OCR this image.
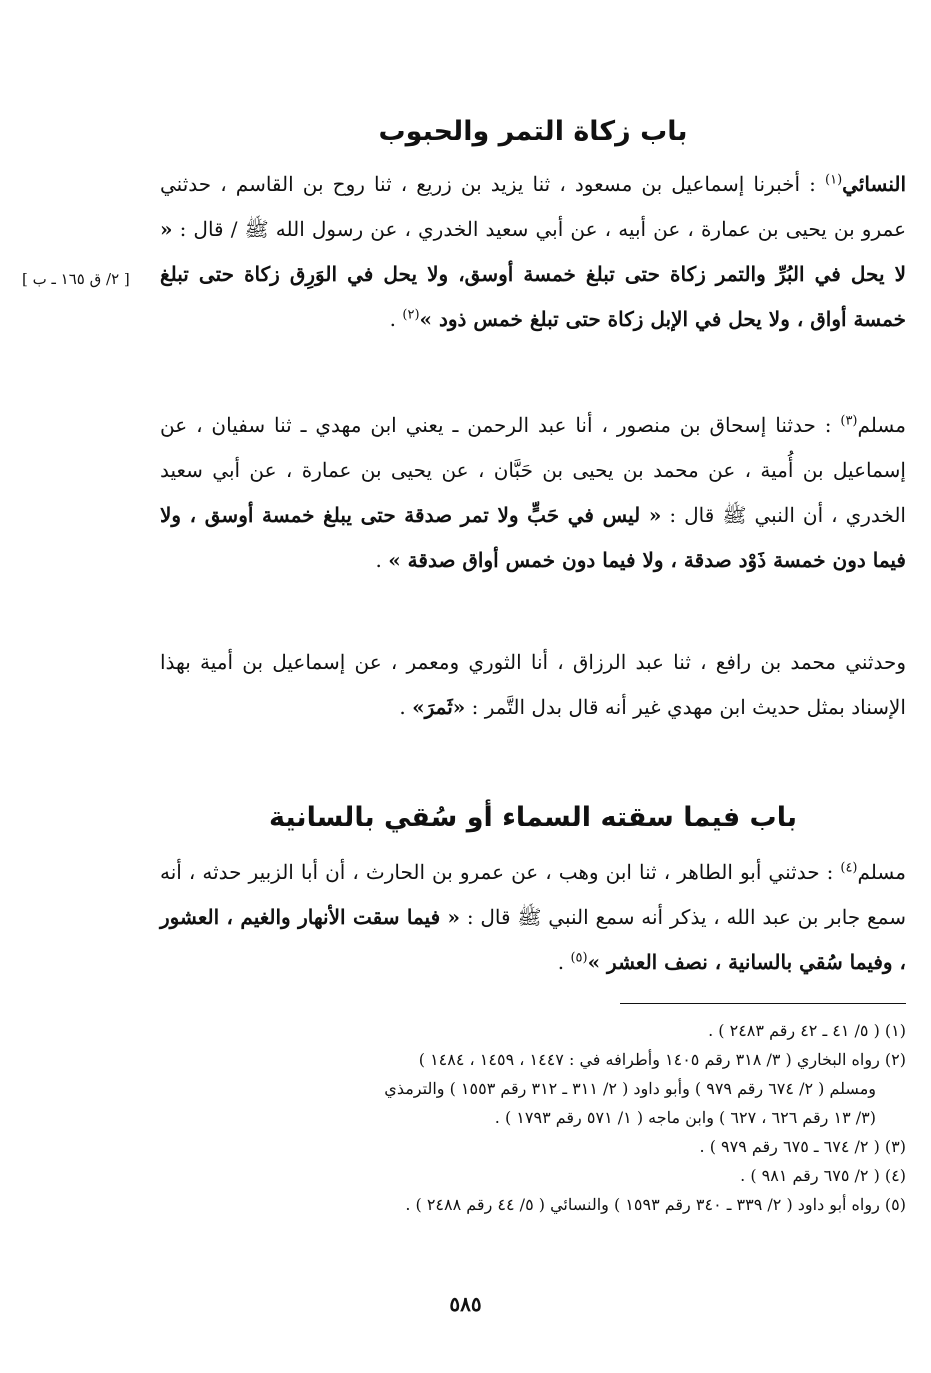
باب زكاة التمر والحبوب

النسائي$^{(١)}$ : أخبرنا إسماعيل بن مسعود ، ثنا يزيد بن زريع ، ثنا روح بن القاسم ، حدثني عمرو بن يحيى بن عمارة ، عن أبيه ، عن أبي سعيد الخدري ، عن رسول الله ﷺ / قال : « لا يحل في البُرِّ والتمر زكاة حتى تبلغ خمسة أوسق، ولا يحل في الوَرِق زكاة حتى تبلغ خمسة أواق ، ولا يحل في الإبل زكاة حتى تبلغ خمس ذود »$^{(٢)}$ .

[ ٢/ ق ١٦٥ ـ ب ]

مسلم$^{(٣)}$ : حدثنا إسحاق بن منصور ، أنا عبد الرحمن ـ يعني ابن مهدي ـ ثنا سفيان ، عن إسماعيل بن أُمية ، عن محمد بن يحيى بن حَبَّان ، عن يحيى بن عمارة ، عن أبي سعيد الخدري ، أن النبي ﷺ قال : « ليس في حَبٍّ ولا تمر صدقة حتى يبلغ خمسة أوسق ، ولا فيما دون خمسة ذَوْد صدقة ، ولا فيما دون خمس أواق صدقة » .

وحدثني محمد بن رافع ، ثنا عبد الرزاق ، أنا الثوري ومعمر ، عن إسماعيل بن أمية بهذا الإسناد بمثل حديث ابن مهدي غير أنه قال بدل التَّمر : «ثَمرَ» .

باب فيما سقته السماء أو سُقي بالسانية

مسلم$^{(٤)}$ : حدثني أبو الطاهر ، ثنا ابن وهب ، عن عمرو بن الحارث ، أن أبا الزبير حدثه ، أنه سمع جابر بن عبد الله ، يذكر أنه سمع النبي ﷺ قال : « فيما سقت الأنهار والغيم ، العشور ، وفيما سُقي بالسانية ، نصف العشر »$^{(٥)}$ .

(١) ( ٥/ ٤١ ـ ٤٢ رقم ٢٤٨٣ ) .

(٢) رواه البخاري ( ٣/ ٣١٨ رقم ١٤٠٥ وأطرافه في : ١٤٤٧ ، ١٤٥٩ ، ١٤٨٤ )

ومسلم ( ٢/ ٦٧٤ رقم ٩٧٩ ) وأبو داود ( ٢/ ٣١١ ـ ٣١٢ رقم ١٥٥٣ ) والترمذي

(٣/ ١٣ رقم ٦٢٦ ، ٦٢٧ ) وابن ماجه ( ١/ ٥٧١ رقم ١٧٩٣ ) .

(٣) ( ٢/ ٦٧٤ ـ ٦٧٥ رقم ٩٧٩ ) .

(٤) ( ٢/ ٦٧٥ رقم ٩٨١ ) .

(٥) رواه أبو داود ( ٢/ ٣٣٩ ـ ٣٤٠ رقم ١٥٩٣ ) والنسائي ( ٥/ ٤٤ رقم ٢٤٨٨ ) .

٥٨٥
